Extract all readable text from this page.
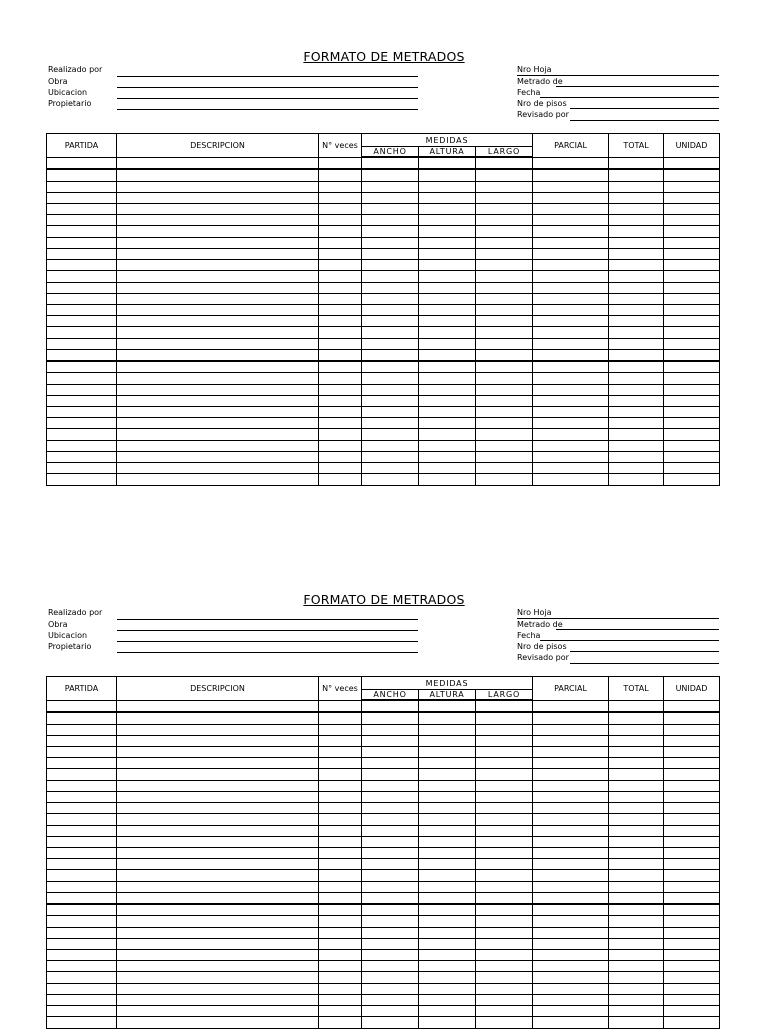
FORMATO DE METRADOS
Realizado por
Obra
Ubicacion
Propietario
Nro Hoja
Metrado de
Fecha
Nro de pisos
Revisado por
PARTIDA	DESCRIPCION	N° veces	MEDIDAS			PARCIAL	TOTAL	UNIDAD
			ANCHO	ALTURA	LARGO			

FORMATO DE METRADOS
Realizado por
Obra
Ubicacion
Propietario
Nro Hoja
Metrado de
Fecha
Nro de pisos
Revisado por
PARTIDA	DESCRIPCION	N° veces	MEDIDAS			PARCIAL	TOTAL	UNIDAD
			ANCHO	ALTURA	LARGO			
